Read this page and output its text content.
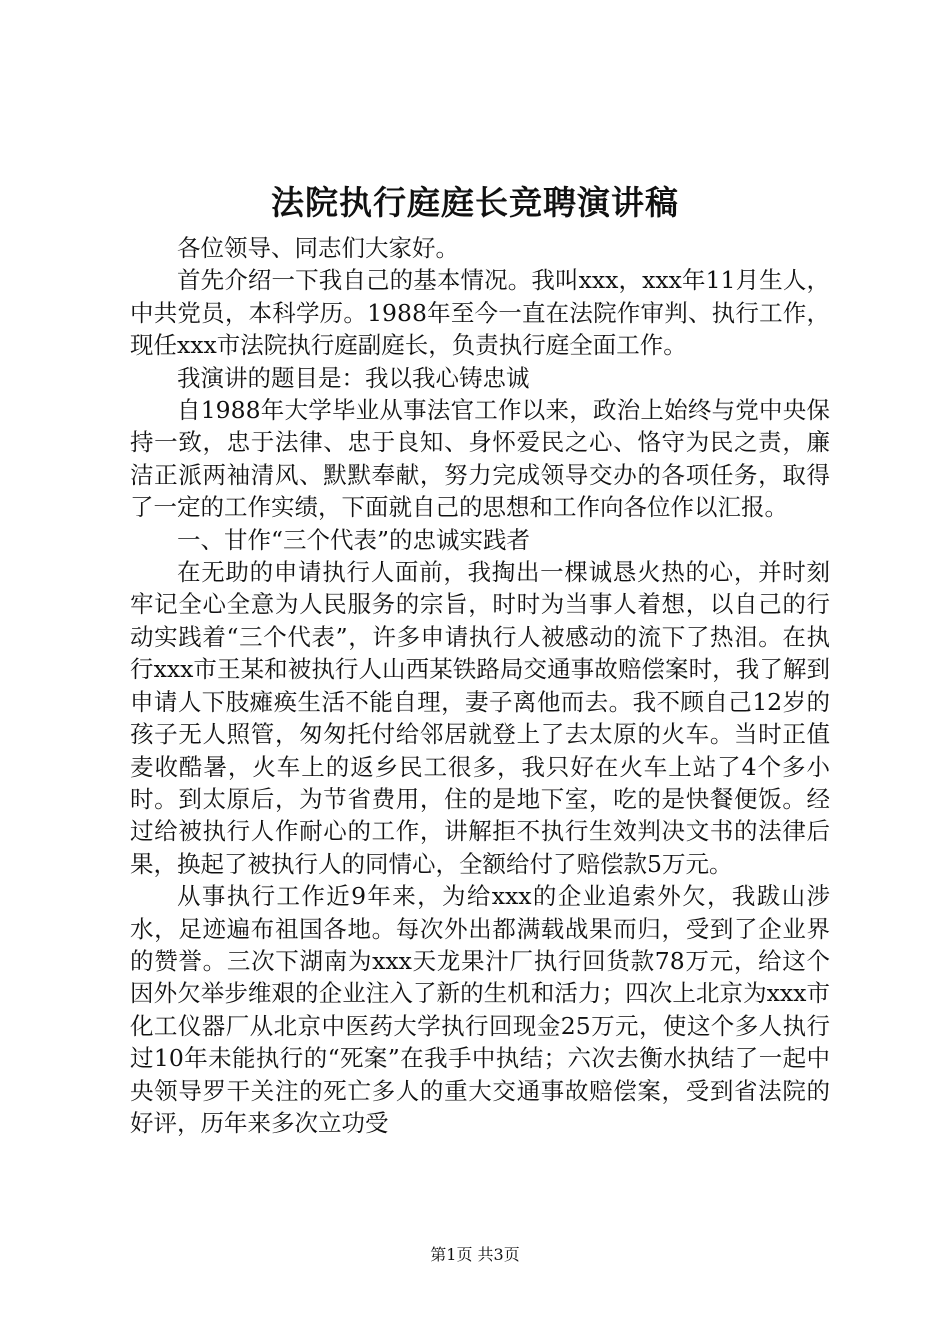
法院执行庭庭长竞聘演讲稿

各位领导、同志们大家好。

首先介绍一下我自己的基本情况。我叫xxx，xxx年11月生人，中共党员，本科学历。1988年至今一直在法院作审判、执行工作，现任xxx市法院执行庭副庭长，负责执行庭全面工作。

我演讲的题目是：我以我心铸忠诚

自1988年大学毕业从事法官工作以来，政治上始终与党中央保持一致，忠于法律、忠于良知、身怀爱民之心、恪守为民之责，廉洁正派两袖清风、默默奉献，努力完成领导交办的各项任务，取得了一定的工作实绩，下面就自己的思想和工作向各位作以汇报。

一、甘作“三个代表”的忠诚实践者

在无助的申请执行人面前，我掏出一棵诚恳火热的心，并时刻牢记全心全意为人民服务的宗旨，时时为当事人着想，以自己的行动实践着“三个代表”，许多申请执行人被感动的流下了热泪。在执行xxx市王某和被执行人山西某铁路局交通事故赔偿案时，我了解到申请人下肢瘫痪生活不能自理，妻子离他而去。我不顾自己12岁的孩子无人照管，匆匆托付给邻居就登上了去太原的火车。当时正值麦收酷暑，火车上的返乡民工很多，我只好在火车上站了4个多小时。到太原后，为节省费用，住的是地下室，吃的是快餐便饭。经过给被执行人作耐心的工作，讲解拒不执行生效判决文书的法律后果，换起了被执行人的同情心，全额给付了赔偿款5万元。

从事执行工作近9年来，为给xxx的企业追索外欠，我跋山涉水，足迹遍布祖国各地。每次外出都满载战果而归，受到了企业界的赞誉。三次下湖南为xxx天龙果汁厂执行回货款78万元，给这个因外欠举步维艰的企业注入了新的生机和活力；四次上北京为xxx市化工仪器厂从北京中医药大学执行回现金25万元，使这个多人执行过10年未能执行的“死案”在我手中执结；六次去衡水执结了一起中央领导罗干关注的死亡多人的重大交通事故赔偿案，受到省法院的好评，历年来多次立功受

第1页 共3页
